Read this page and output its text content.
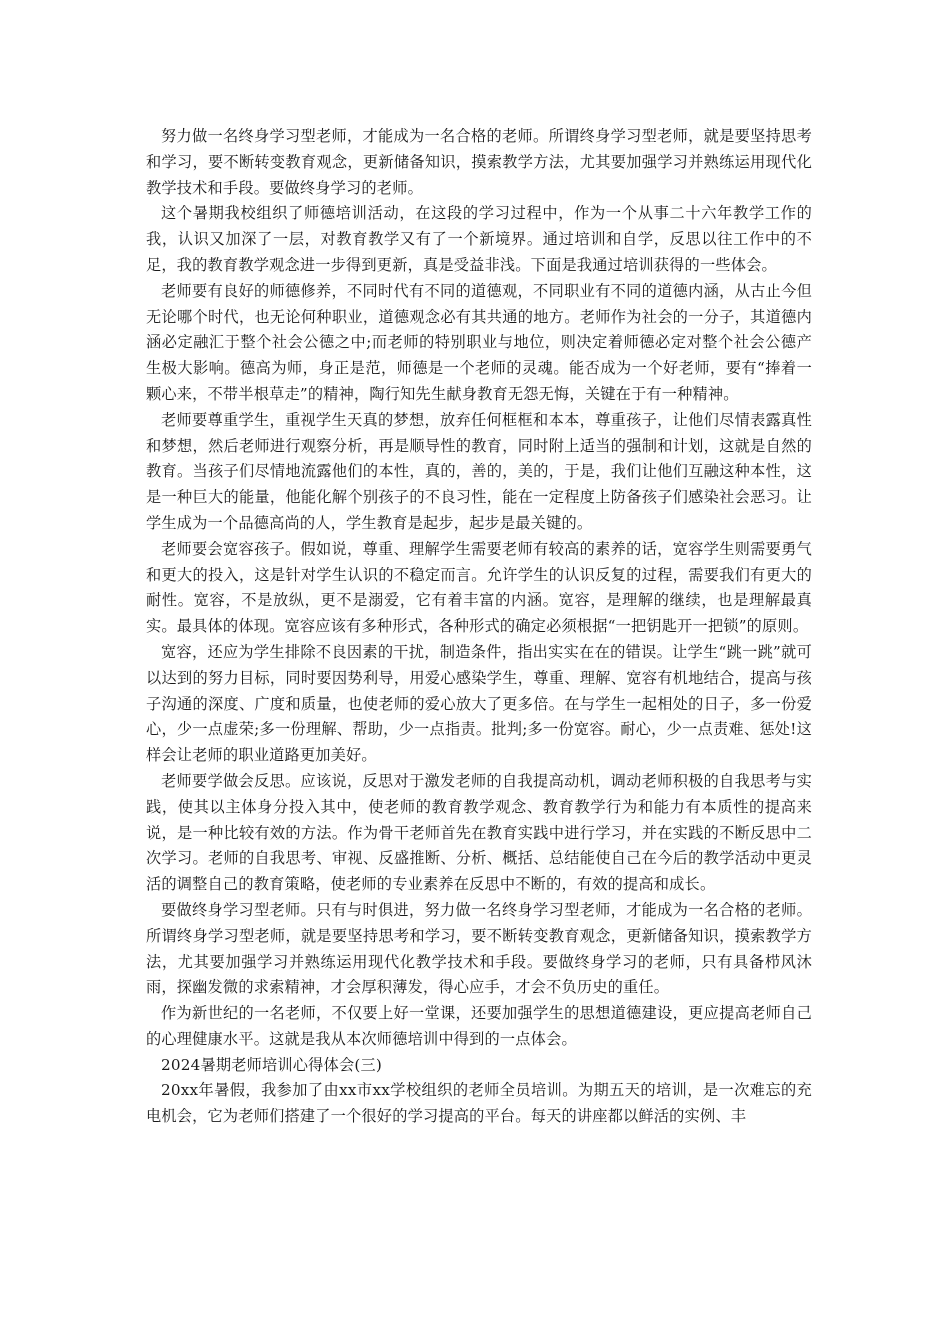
努力做一名终身学习型老师，才能成为一名合格的老师。所谓终身学习型老师，就是要坚持思考和学习，要不断转变教育观念，更新储备知识，摸索教学方法，尤其要加强学习并熟练运用现代化教学技术和手段。要做终身学习的老师。

这个暑期我校组织了师德培训活动，在这段的学习过程中，作为一个从事二十六年教学工作的我，认识又加深了一层，对教育教学又有了一个新境界。通过培训和自学，反思以往工作中的不足，我的教育教学观念进一步得到更新，真是受益非浅。下面是我通过培训获得的一些体会。

老师要有良好的师德修养，不同时代有不同的道德观，不同职业有不同的道德内涵，从古止今但无论哪个时代，也无论何种职业，道德观念必有其共通的地方。老师作为社会的一分子，其道德内涵必定融汇于整个社会公德之中;而老师的特别职业与地位，则决定着师德必定对整个社会公德产生极大影响。德高为师，身正是范，师德是一个老师的灵魂。能否成为一个好老师，要有“捧着一颗心来，不带半根草走”的精神，陶行知先生献身教育无怨无悔，关键在于有一种精神。

老师要尊重学生，重视学生天真的梦想，放弃任何框框和本本，尊重孩子，让他们尽情表露真性和梦想，然后老师进行观察分析，再是顺导性的教育，同时附上适当的强制和计划，这就是自然的教育。当孩子们尽情地流露他们的本性，真的，善的，美的，于是，我们让他们互融这种本性，这是一种巨大的能量，他能化解个别孩子的不良习性，能在一定程度上防备孩子们感染社会恶习。让学生成为一个品德高尚的人，学生教育是起步，起步是最关键的。

老师要会宽容孩子。假如说，尊重、理解学生需要老师有较高的素养的话，宽容学生则需要勇气和更大的投入，这是针对学生认识的不稳定而言。允许学生的认识反复的过程，需要我们有更大的耐性。宽容，不是放纵，更不是溺爱，它有着丰富的内涵。宽容，是理解的继续，也是理解最真实。最具体的体现。宽容应该有多种形式，各种形式的确定必须根据“一把钥匙开一把锁”的原则。

宽容，还应为学生排除不良因素的干扰，制造条件，指出实实在在的错误。让学生“跳一跳”就可以达到的努力目标，同时要因势利导，用爱心感染学生，尊重、理解、宽容有机地结合，提高与孩子沟通的深度、广度和质量，也使老师的爱心放大了更多倍。在与学生一起相处的日子，多一份爱心，少一点虚荣;多一份理解、帮助，少一点指责。批判;多一份宽容。耐心，少一点责难、惩处!这样会让老师的职业道路更加美好。

老师要学做会反思。应该说，反思对于激发老师的自我提高动机，调动老师积极的自我思考与实践，使其以主体身分投入其中，使老师的教育教学观念、教育教学行为和能力有本质性的提高来说，是一种比较有效的方法。作为骨干老师首先在教育实践中进行学习，并在实践的不断反思中二次学习。老师的自我思考、审视、反盛推断、分析、概括、总结能使自己在今后的教学活动中更灵活的调整自己的教育策略，使老师的专业素养在反思中不断的，有效的提高和成长。

要做终身学习型老师。只有与时俱进，努力做一名终身学习型老师，才能成为一名合格的老师。所谓终身学习型老师，就是要坚持思考和学习，要不断转变教育观念，更新储备知识，摸索教学方法，尤其要加强学习并熟练运用现代化教学技术和手段。要做终身学习的老师，只有具备栉风沐雨，探幽发微的求索精神，才会厚积薄发，得心应手，才会不负历史的重任。

作为新世纪的一名老师，不仅要上好一堂课，还要加强学生的思想道德建设，更应提高老师自己的心理健康水平。这就是我从本次师德培训中得到的一点体会。

2024暑期老师培训心得体会(三)

20xx年暑假，我参加了由xx市xx学校组织的老师全员培训。为期五天的培训，是一次难忘的充电机会，它为老师们搭建了一个很好的学习提高的平台。每天的讲座都以鲜活的实例、丰
